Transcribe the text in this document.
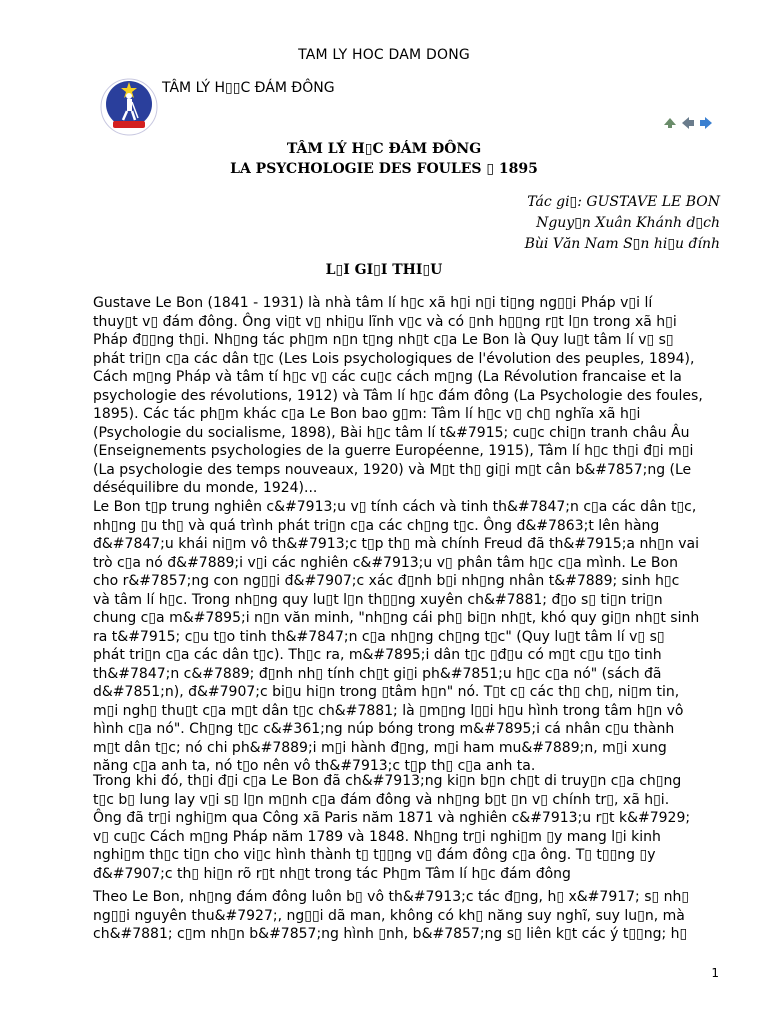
TAM LY HOC DAM DONG
TÂM LÝ H▯▯C ĐÁM ĐÔNG
TÂM LÝ H▯C ĐÁM ĐÔNG
LA PSYCHOLOGIE DES FOULES ▯ 1895
Tác gi▯: GUSTAVE LE BON
Nguy▯n Xuân Khánh d▯ch
Bùi Văn Nam S▯n hi▯u đính
L▯I GI▯I THI▯U
Gustave Le Bon (1841 - 1931) là nhà tâm lí h▯c xã h▯i n▯i ti▯ng ng▯▯i Pháp v▯i lí
thuy▯t v▯ đám đông. Ông vi▯t v▯ nhi▯u lĩnh v▯c và có ▯nh h▯▯ng r▯t l▯n trong xã h▯i
Pháp đ▯▯ng th▯i. Nh▯ng tác ph▯m n▯n t▯ng nh▯t c▯a Le Bon là Quy lu▯t tâm lí v▯ s▯
phát tri▯n c▯a các dân t▯c (Les Lois psychologiques de l'évolution des peuples, 1894),
Cách m▯ng Pháp và tâm tí h▯c v▯ các cu▯c cách m▯ng (La Révolution francaise et la
psychologie des révolutions, 1912) và Tâm lí h▯c đám đông (La Psychologie des foules,
1895). Các tác ph▯m khác c▯a Le Bon bao g▯m: Tâm lí h▯c v▯ ch▯ nghĩa xã h▯i
(Psychologie du socialisme, 1898), Bài h▯c tâm lí t&#7915; cu▯c chi▯n tranh châu Âu
(Enseignements psychologies de la guerre Européenne, 1915), Tâm lí h▯c th▯i đ▯i m▯i
(La psychologie des temps nouveaux, 1920) và M▯t th▯ gi▯i m▯t cân b&#7857;ng (Le
déséquilibre du monde, 1924)...
Le Bon t▯p trung nghiên c&#7913;u v▯ tính cách và tinh th&#7847;n c▯a các dân t▯c,
nh▯ng ▯u th▯ và quá trình phát tri▯n c▯a các ch▯ng t▯c. Ông đ&#7863;t lên hàng
đ&#7847;u khái ni▯m vô th&#7913;c t▯p th▯ mà chính Freud đã th&#7915;a nh▯n vai
trò c▯a nó đ&#7889;i v▯i các nghiên c&#7913;u v▯ phân tâm h▯c c▯a mình. Le Bon
cho r&#7857;ng con ng▯▯i đ&#7907;c xác đ▯nh b▯i nh▯ng nhân t&#7889; sinh h▯c
và tâm lí h▯c. Trong nh▯ng quy lu▯t l▯n th▯▯ng xuyên ch&#7881; đ▯o s▯ ti▯n tri▯n
chung c▯a m&#7895;i n▯n văn minh, "nh▯ng cái ph▯ bi▯n nh▯t, khó quy gi▯n nh▯t sinh
ra t&#7915; c▯u t▯o tinh th&#7847;n c▯a nh▯ng ch▯ng t▯c" (Quy lu▯t tâm lí v▯ s▯
phát tri▯n c▯a các dân t▯c). Th▯c ra, m&#7895;i dân t▯c ▯đ▯u có m▯t c▯u t▯o tinh
th&#7847;n c&#7889; đ▯nh nh▯ tính ch▯t gi▯i ph&#7851;u h▯c c▯a nó" (sách đã
d&#7851;n), đ&#7907;c bi▯u hi▯n trong ▯tâm h▯n" nó. T▯t c▯ các th▯ ch▯, ni▯m tin,
m▯i ngh▯ thu▯t c▯a m▯t dân t▯c ch&#7881; là ▯m▯ng l▯▯i h▯u hình trong tâm h▯n vô
hình c▯a nó". Ch▯ng t▯c c&#361;ng núp bóng trong m&#7895;i cá nhân c▯u thành
m▯t dân t▯c; nó chi ph&#7889;i m▯i hành đ▯ng, m▯i ham mu&#7889;n, m▯i xung
năng c▯a anh ta, nó t▯o nên vô th&#7913;c t▯p th▯ c▯a anh ta.
Trong khi đó, th▯i đ▯i c▯a Le Bon đã ch&#7913;ng ki▯n b▯n ch▯t di truy▯n c▯a ch▯ng
t▯c b▯ lung lay v▯i s▯ l▯n m▯nh c▯a đám đông và nh▯ng b▯t ▯n v▯ chính tr▯, xã h▯i.
Ông đã tr▯i nghi▯m qua Công xã Paris năm 1871 và nghiên c&#7913;u r▯t k&#7929;
v▯ cu▯c Cách m▯ng Pháp năm 1789 và 1848. Nh▯ng tr▯i nghi▯m ▯y mang l▯i kinh
nghi▯m th▯c ti▯n cho vi▯c hình thành t▯ t▯▯ng v▯ đám đông c▯a ông. T▯ t▯▯ng ▯y
đ&#7907;c th▯ hi▯n rõ r▯t nh▯t trong tác Ph▯m Tâm lí h▯c đám đông
Theo Le Bon, nh▯ng đám đông luôn b▯ vô th&#7913;c tác đ▯ng, h▯ x&#7917; s▯ nh▯
ng▯▯i nguyên thu&#7927;, ng▯▯i dã man, không có kh▯ năng suy nghĩ, suy lu▯n, mà
ch&#7881; c▯m nh▯n b&#7857;ng hình ▯nh, b&#7857;ng s▯ liên k▯t các ý t▯▯ng; h▯
1
